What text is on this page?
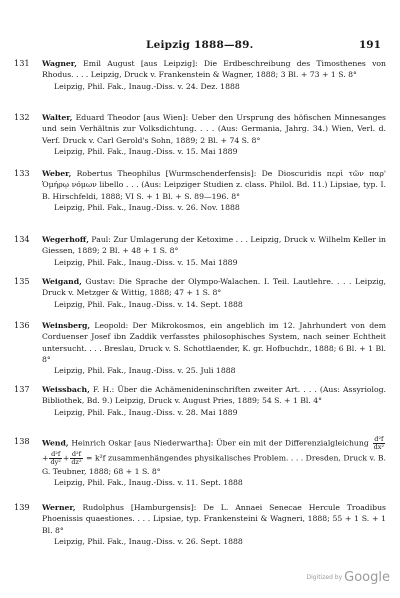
Leipzig 1888—89.	191
131	Wagner, Emil August [aus Leipzig]: Die Erdbeschreibung des Timosthenes von Rhodus. . . . Leipzig, Druck v. Frankenstein & Wagner, 1888; 3 Bl. + 73 + 1 S. 8°
Leipzig, Phil. Fak., Inaug.-Diss. v. 24. Dez. 1888
132	Walter, Eduard Theodor [aus Wien]: Ueber den Ursprung des höfischen Minnesanges und sein Verhältnis zur Volksdichtung. . . . (Aus: Germania, Jahrg. 34.) Wien, Verl. d. Verf. Druck v. Carl Gerold's Sohn, 1889; 2 Bl. + 74 S. 8°
Leipzig, Phil. Fak., Inaug.-Diss. v. 15. Mai 1889
133	Weber, Robertus Theophilus [Wurmschenderfensis]: De Dioscuridis περὶ τῶν παρ' Ὁμήρῳ νόμων libello . . . (Aus: Leipziger Studien z. class. Philol. Bd. 11.) Lipsiae, typ. I. B. Hirschfeldi, 1888; VI S. + 1 Bl. + S. 89—196. 8°
Leipzig, Phil. Fak., Inaug.-Diss. v. 26. Nov. 1888
134	Wegerhoff, Paul: Zur Umlagerung der Ketoxime . . . Leipzig, Druck v. Wilhelm Keller in Giessen, 1889; 2 Bl. + 48 + 1 S. 8°
Leipzig, Phil. Fak., Inaug.-Diss. v. 15. Mai 1889
135	Weigand, Gustav: Die Sprache der Olympo-Walachen. I. Teil. Lautlehre. . . . Leipzig, Druck v. Metzger & Wittig, 1888; 47 + 1 S. 8°
Leipzig, Phil. Fak., Inaug.-Diss. v. 14. Sept. 1888
136	Weinsberg, Leopold: Der Mikrokosmos, ein angeblich im 12. Jahrhundert von dem Corduenser Josef ibn Zaddik verfasstes philosophisches System, nach seiner Echtheit untersucht. . . . Breslau, Druck v. S. Schottlaender, K. gr. Hofbuchdr., 1888; 6 Bl. + 1 Bl. 8°
Leipzig, Phil. Fak., Inaug.-Diss. v. 25. Juli 1888
137	Weissbach, F. H.: Über die Achämenideninschriften zweiter Art. . . . (Aus: Assyriolog. Bibliothek, Bd. 9.) Leipzig, Druck v. August Pries, 1889; 54 S. + 1 Bl. 4°
Leipzig, Phil. Fak., Inaug.-Diss. v. 28. Mai 1889
138	Wend, Heinrich Oskar [aus Niederwartha]: Über ein mit der Differenzialgleichung $\frac{\text{d²f}}{\text{dx²}}$
+ $\frac{\text{d²f}}{\text{dy²}} + \frac{\text{d²f}}{\text{dz²}} = k^2f$ zusammenhängendes physikalisches Problem. . . . Dresden, Druck v. B. G. Teubner, 1888; 68 + 1 S. 8°
Leipzig, Phil. Fak., Inaug.-Diss. v. 11. Sept. 1888
139	Werner, Rudolphus [Hamburgensis]: De L. Annaei Senecae Hercule Troadibus Phoenissis quaestiones. . . . Lipsiae, typ. Frankensteini & Wagneri, 1888; 55 + 1 S. + 1 Bl. 8°
Leipzig, Phil. Fak., Inaug.-Diss. v. 26. Sept. 1888
Digitized by Google
